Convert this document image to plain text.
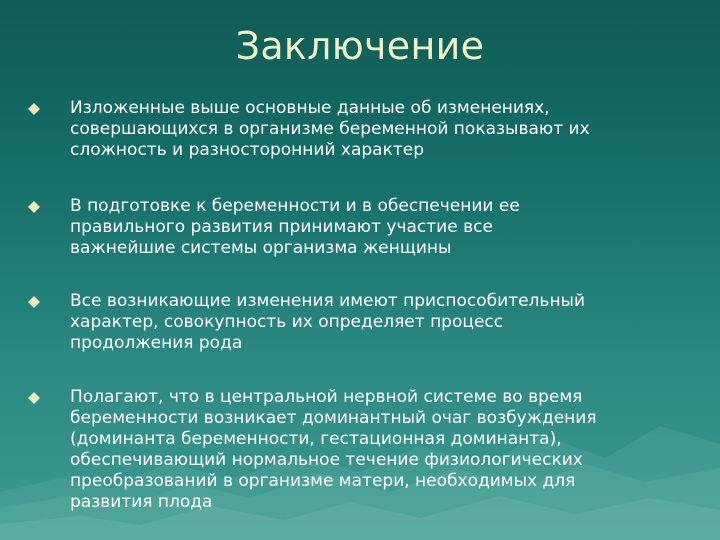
Заключение
Изложенные выше основные данные об изменениях,
совершающихся в организме беременной показывают их
сложность и разносторонний характер
В подготовке к беременности и в обеспечении ее
правильного развития принимают участие все
важнейшие системы организма женщины
Все возникающие изменения имеют приспособительный
характер, совокупность их определяет процесс
продолжения рода
Полагают, что в центральной нервной системе во время
беременности возникает доминантный очаг возбуждения
(доминанта беременности, гестационная доминанта),
обеспечивающий нормальное течение физиологических
преобразований в организме матери, необходимых для
развития плода
